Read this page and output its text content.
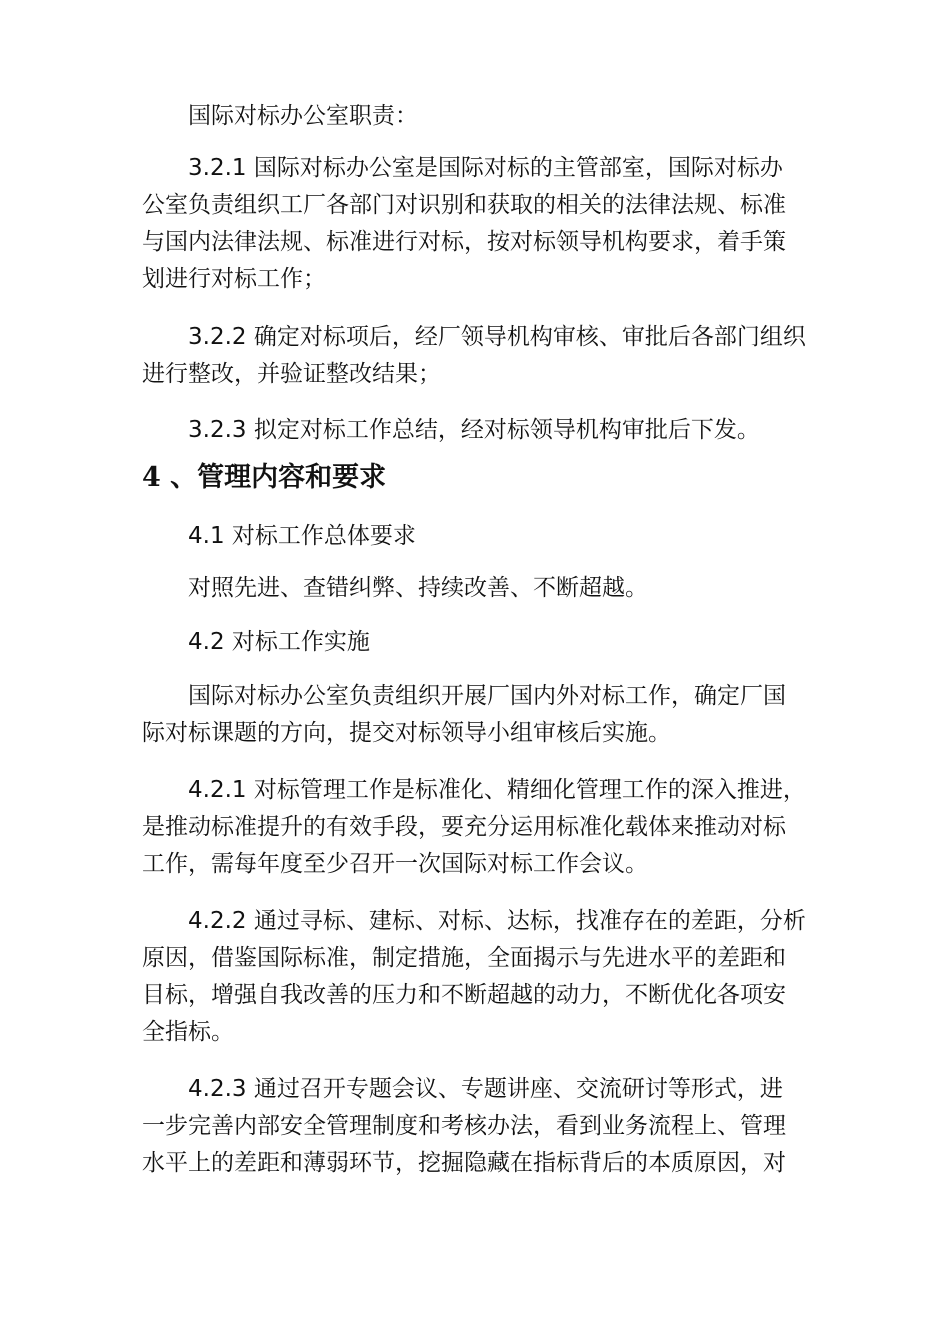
国际对标办公室职责：

3.2.1 国际对标办公室是国际对标的主管部室，国际对标办
公室负责组织工厂各部门对识别和获取的相关的法律法规、标准
与国内法律法规、标准进行对标，按对标领导机构要求，着手策
划进行对标工作；

3.2.2 确定对标项后，经厂领导机构审核、审批后各部门组织
进行整改，并验证整改结果；

3.2.3 拟定对标工作总结，经对标领导机构审批后下发。

4 、管理内容和要求

4.1 对标工作总体要求

对照先进、查错纠弊、持续改善、不断超越。

4.2 对标工作实施

国际对标办公室负责组织开展厂国内外对标工作，确定厂国
际对标课题的方向，提交对标领导小组审核后实施。

4.2.1 对标管理工作是标准化、精细化管理工作的深入推进，
是推动标准提升的有效手段，要充分运用标准化载体来推动对标
工作，需每年度至少召开一次国际对标工作会议。

4.2.2 通过寻标、建标、对标、达标，找准存在的差距，分析
原因，借鉴国际标准，制定措施，全面揭示与先进水平的差距和
目标，增强自我改善的压力和不断超越的动力，不断优化各项安
全指标。

4.2.3 通过召开专题会议、专题讲座、交流研讨等形式，进
一步完善内部安全管理制度和考核办法，看到业务流程上、管理
水平上的差距和薄弱环节，挖掘隐藏在指标背后的本质原因，对
